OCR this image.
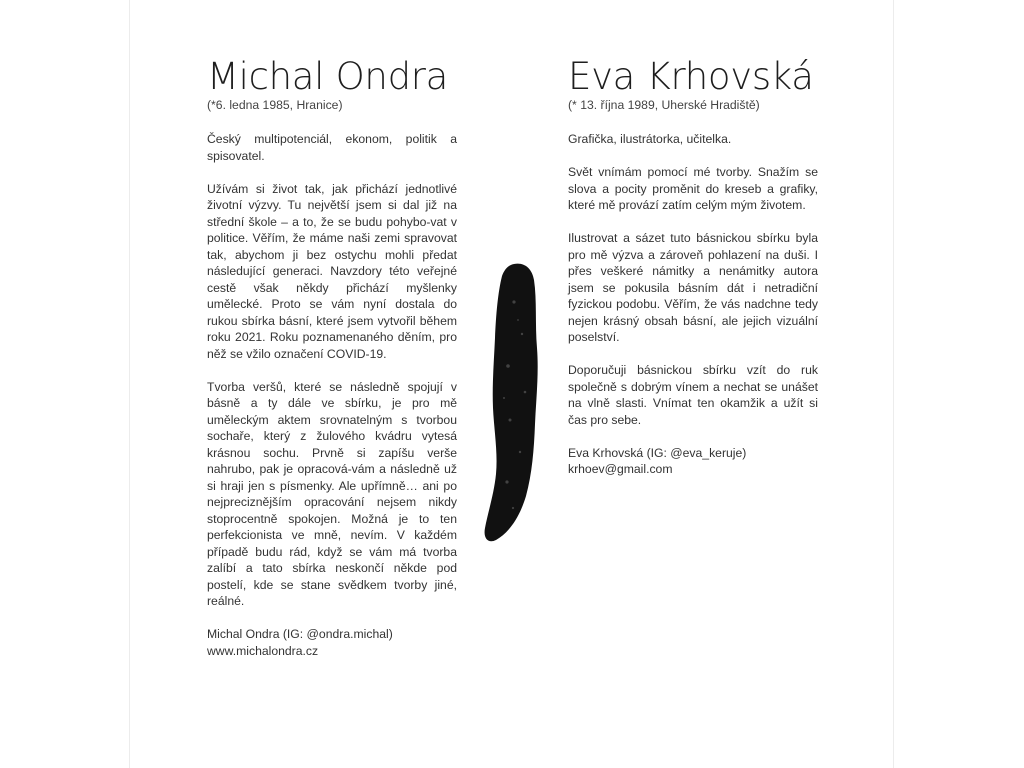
Michal Ondra
(*6. ledna 1985, Hranice)

Český multipotenciál, ekonom, politik a spisovatel.

Užívám si život tak, jak přichází jednotlivé životní výzvy. Tu největší jsem si dal již na střední škole – a to, že se budu pohybo-vat v politice. Věřím, že máme naši zemi spravovat tak, abychom ji bez ostychu mohli předat následující generaci. Navzdory této veřejné cestě však někdy přichází myšlenky umělecké. Proto se vám nyní dostala do rukou sbírka básní, které jsem vytvořil během roku 2021. Roku poznamenaného děním, pro něž se vžilo označení COVID-19.

Tvorba veršů, které se následně spojují v básně a ty dále ve sbírku, je pro mě uměleckým aktem srovnatelným s tvorbou sochaře, který z žulového kvádru vytesá krásnou sochu. Prvně si zapíšu verše nahrubo, pak je opracová-vám a následně už si hraji jen s písmenky. Ale upřímně… ani po nejpreciznějším opracování nejsem nikdy stoprocentně spokojen. Možná je to ten perfekcionista ve mně, nevím. V každém případě budu rád, když se vám má tvorba zalíbí a tato sbírka neskončí někde pod postelí, kde se stane svědkem tvorby jiné, reálné.

Michal Ondra (IG: @ondra.michal)
www.michalondra.cz
Eva Krhovská
(* 13. října 1989, Uherské Hradiště)

Grafička, ilustrátorka, učitelka.

Svět vnímám pomocí mé tvorby. Snažím se slova a pocity proměnit do kreseb a grafiky, které mě provází zatím celým mým životem.

Ilustrovat a sázet tuto básnickou sbírku byla pro mě výzva a zároveň pohlazení na duši. I přes veškeré námitky a nenámitky autora jsem se pokusila básním dát i netradiční fyzickou podobu. Věřím, že vás nadchne tedy nejen krásný obsah básní, ale jejich vizuální poselství.

Doporučuji básnickou sbírku vzít do ruk společně s dobrým vínem a nechat se unášet na vlně slasti. Vnímat ten okamžik a užít si čas pro sebe.

Eva Krhovská (IG: @eva_keruje)
krhoev@gmail.com
